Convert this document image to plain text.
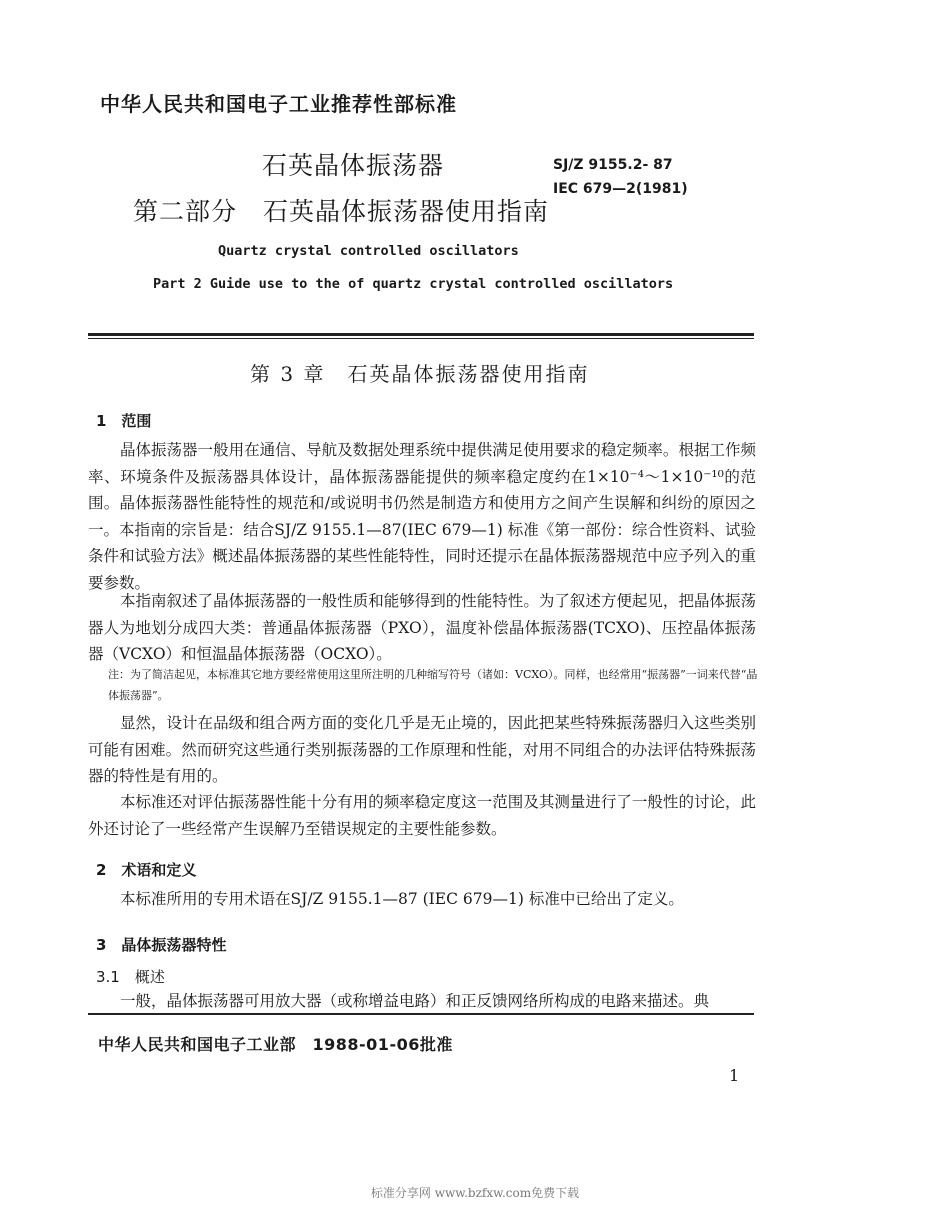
中华人民共和国电子工业推荐性部标准
石英晶体振荡器
第二部分　石英晶体振荡器使用指南
SJ/Z 9155.2- 87
IEC 679—2(1981)
Quartz crystal controlled oscillators
Part 2 Guide use to the of quartz crystal controlled oscillators
第 3 章　石英晶体振荡器使用指南
1　范围
晶体振荡器一般用在通信、导航及数据处理系统中提供满足使用要求的稳定频率。根据工作频率、环境条件及振荡器具体设计，晶体振荡器能提供的频率稳定度约在1×10⁻⁴～1×10⁻¹⁰的范围。晶体振荡器性能特性的规范和/或说明书仍然是制造方和使用方之间产生误解和纠纷的原因之一。本指南的宗旨是：结合SJ/Z 9155.1—87(IEC 679—1) 标准《第一部份：综合性资料、试验条件和试验方法》概述晶体振荡器的某些性能特性，同时还提示在晶体振荡器规范中应予列入的重要参数。
本指南叙述了晶体振荡器的一般性质和能够得到的性能特性。为了叙述方便起见，把晶体振荡器人为地划分成四大类：普通晶体振荡器（PXO），温度补偿晶体振荡器(TCXO)、压控晶体振荡器（VCXO）和恒温晶体振荡器（OCXO）。
注：为了简洁起见，本标准其它地方要经常使用这里所注明的几种缩写符号（诸如：VCXO）。同样，也经常用“振荡器”一词来代替“晶体振荡器”。
显然，设计在品级和组合两方面的变化几乎是无止境的，因此把某些特殊振荡器归入这些类别可能有困难。然而研究这些通行类别振荡器的工作原理和性能，对用不同组合的办法评估特殊振荡器的特性是有用的。
本标准还对评估振荡器性能十分有用的频率稳定度这一范围及其测量进行了一般性的讨论，此外还讨论了一些经常产生误解乃至错误规定的主要性能参数。
2　术语和定义
本标准所用的专用术语在SJ/Z 9155.1—87 (IEC 679—1) 标准中已给出了定义。
3　晶体振荡器特性
3.1　概述
一般，晶体振荡器可用放大器（或称增益电路）和正反馈网络所构成的电路来描述。典
中华人民共和国电子工业部　1988-01-06批准
1
标准分享网 www.bzfxw.com免费下载
